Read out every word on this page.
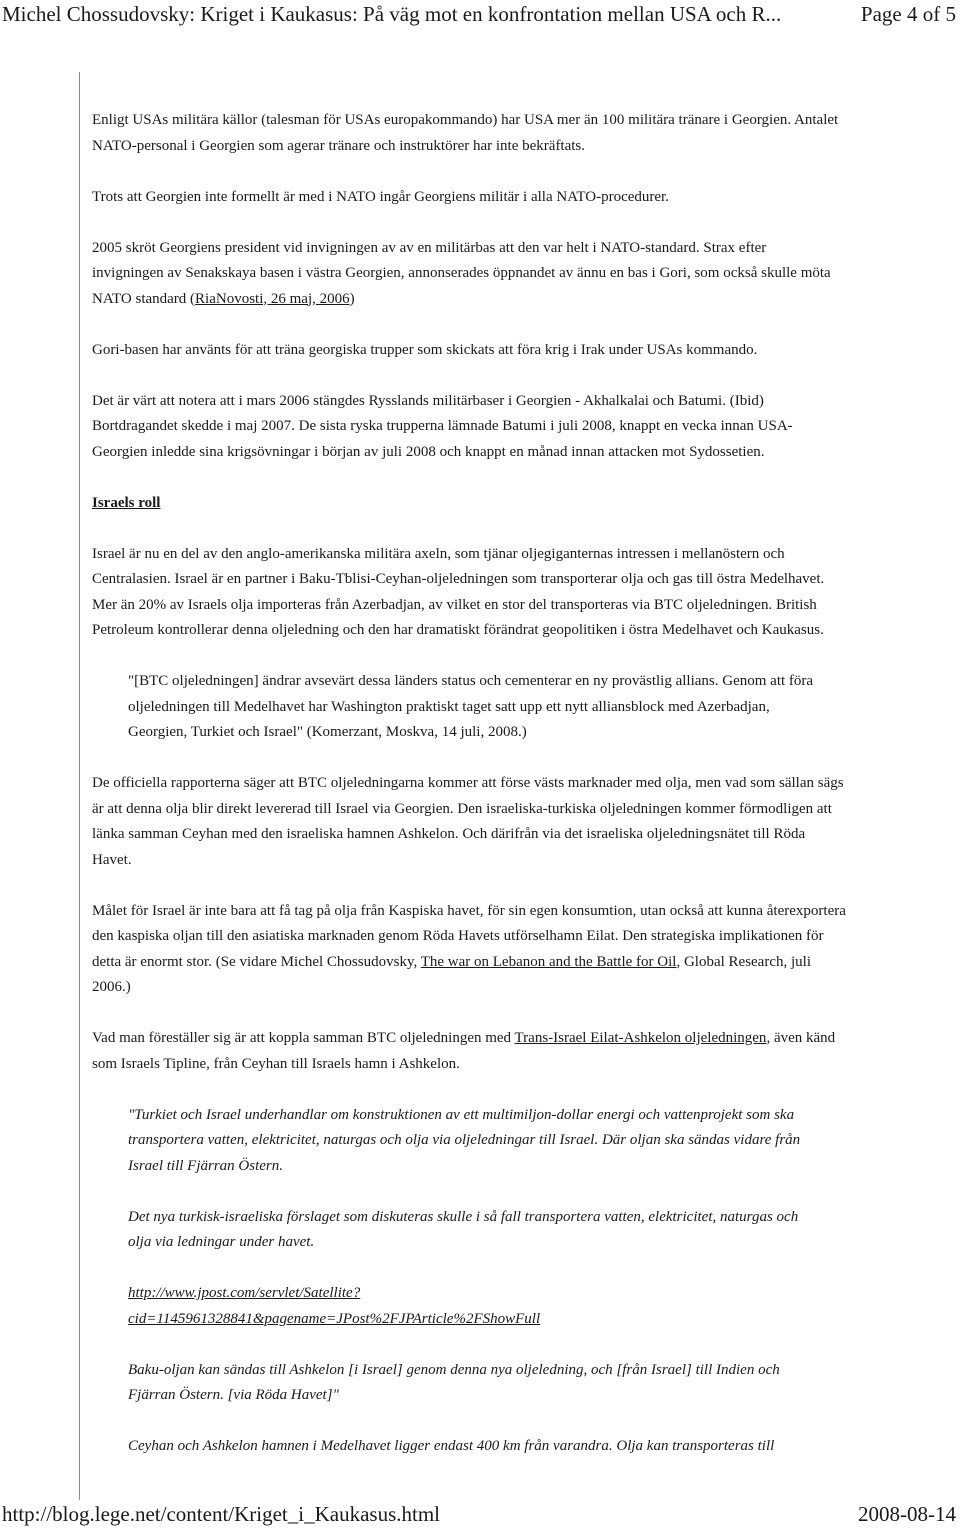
Michel Chossudovsky: Kriget i Kaukasus: På väg mot en konfrontation mellan USA och R...	Page 4 of 5

Enligt USAs militära källor (talesman för USAs europakommando) har USA mer än 100 militära tränare i Georgien. Antalet
NATO-personal i Georgien som agerar tränare och instruktörer har inte bekräftats.

Trots att Georgien inte formellt är med i NATO ingår Georgiens militär i alla NATO-procedurer.

2005 skröt Georgiens president vid invigningen av av en militärbas att den var helt i NATO-standard. Strax efter
invigningen av Senakskaya basen i västra Georgien, annonserades öppnandet av ännu en bas i Gori, som också skulle möta
NATO standard (RiaNovosti, 26 maj, 2006)

Gori-basen har använts för att träna georgiska trupper som skickats att föra krig i Irak under USAs kommando.

Det är värt att notera att i mars 2006 stängdes Rysslands militärbaser i Georgien - Akhalkalai och Batumi. (Ibid)
Bortdragandet skedde i maj 2007. De sista ryska trupperna lämnade Batumi i juli 2008, knappt en vecka innan USA-
Georgien inledde sina krigsövningar i början av juli 2008 och knappt en månad innan attacken mot Sydossetien.

Israels roll

Israel är nu en del av den anglo-amerikanska militära axeln, som tjänar oljegiganternas intressen i mellanöstern och
Centralasien. Israel är en partner i Baku-Tblisi-Ceyhan-oljeledningen som transporterar olja och gas till östra Medelhavet.
Mer än 20% av Israels olja importeras från Azerbadjan, av vilket en stor del transporteras via BTC oljeledningen. British
Petroleum kontrollerar denna oljeledning och den har dramatiskt förändrat geopolitiken i östra Medelhavet och Kaukasus.

"[BTC oljeledningen] ändrar avsevärt dessa länders status och cementerar en ny provästlig allians. Genom att föra
oljeledningen till Medelhavet har Washington praktiskt taget satt upp ett nytt alliansblock med Azerbadjan,
Georgien, Turkiet och Israel" (Komerzant, Moskva, 14 juli, 2008.)

De officiella rapporterna säger att BTC oljeledningarna kommer att förse västs marknader med olja, men vad som sällan sägs
är att denna olja blir direkt levererad till Israel via Georgien. Den israeliska-turkiska oljeledningen kommer förmodligen att
länka samman Ceyhan med den israeliska hamnen Ashkelon. Och därifrån via det israeliska oljeledningsnätet till Röda
Havet.

Målet för Israel är inte bara att få tag på olja från Kaspiska havet, för sin egen konsumtion, utan också att kunna återexportera
den kaspiska oljan till den asiatiska marknaden genom Röda Havets utförselhamn Eilat. Den strategiska implikationen för
detta är enormt stor. (Se vidare Michel Chossudovsky, The war on Lebanon and the Battle for Oil, Global Research, juli
2006.)

Vad man föreställer sig är att koppla samman BTC oljeledningen med Trans-Israel Eilat-Ashkelon oljeledningen, även känd
som Israels Tipline, från Ceyhan till Israels hamn i Ashkelon.

"Turkiet och Israel underhandlar om konstruktionen av ett multimiljon-dollar energi och vattenprojekt som ska
transportera vatten, elektricitet, naturgas och olja via oljeledningar till Israel. Där oljan ska sändas vidare från
Israel till Fjärran Östern.

Det nya turkisk-israeliska förslaget som diskuteras skulle i så fall transportera vatten, elektricitet, naturgas och
olja via ledningar under havet.

http://www.jpost.com/servlet/Satellite?
cid=1145961328841&pagename=JPost%2FJPArticle%2FShowFull

Baku-oljan kan sändas till Ashkelon [i Israel] genom denna nya oljeledning, och [från Israel] till Indien och
Fjärran Östern. [via Röda Havet]"

Ceyhan och Ashkelon hamnen i Medelhavet ligger endast 400 km från varandra. Olja kan transporteras till

http://blog.lege.net/content/Kriget_i_Kaukasus.html	2008-08-14
